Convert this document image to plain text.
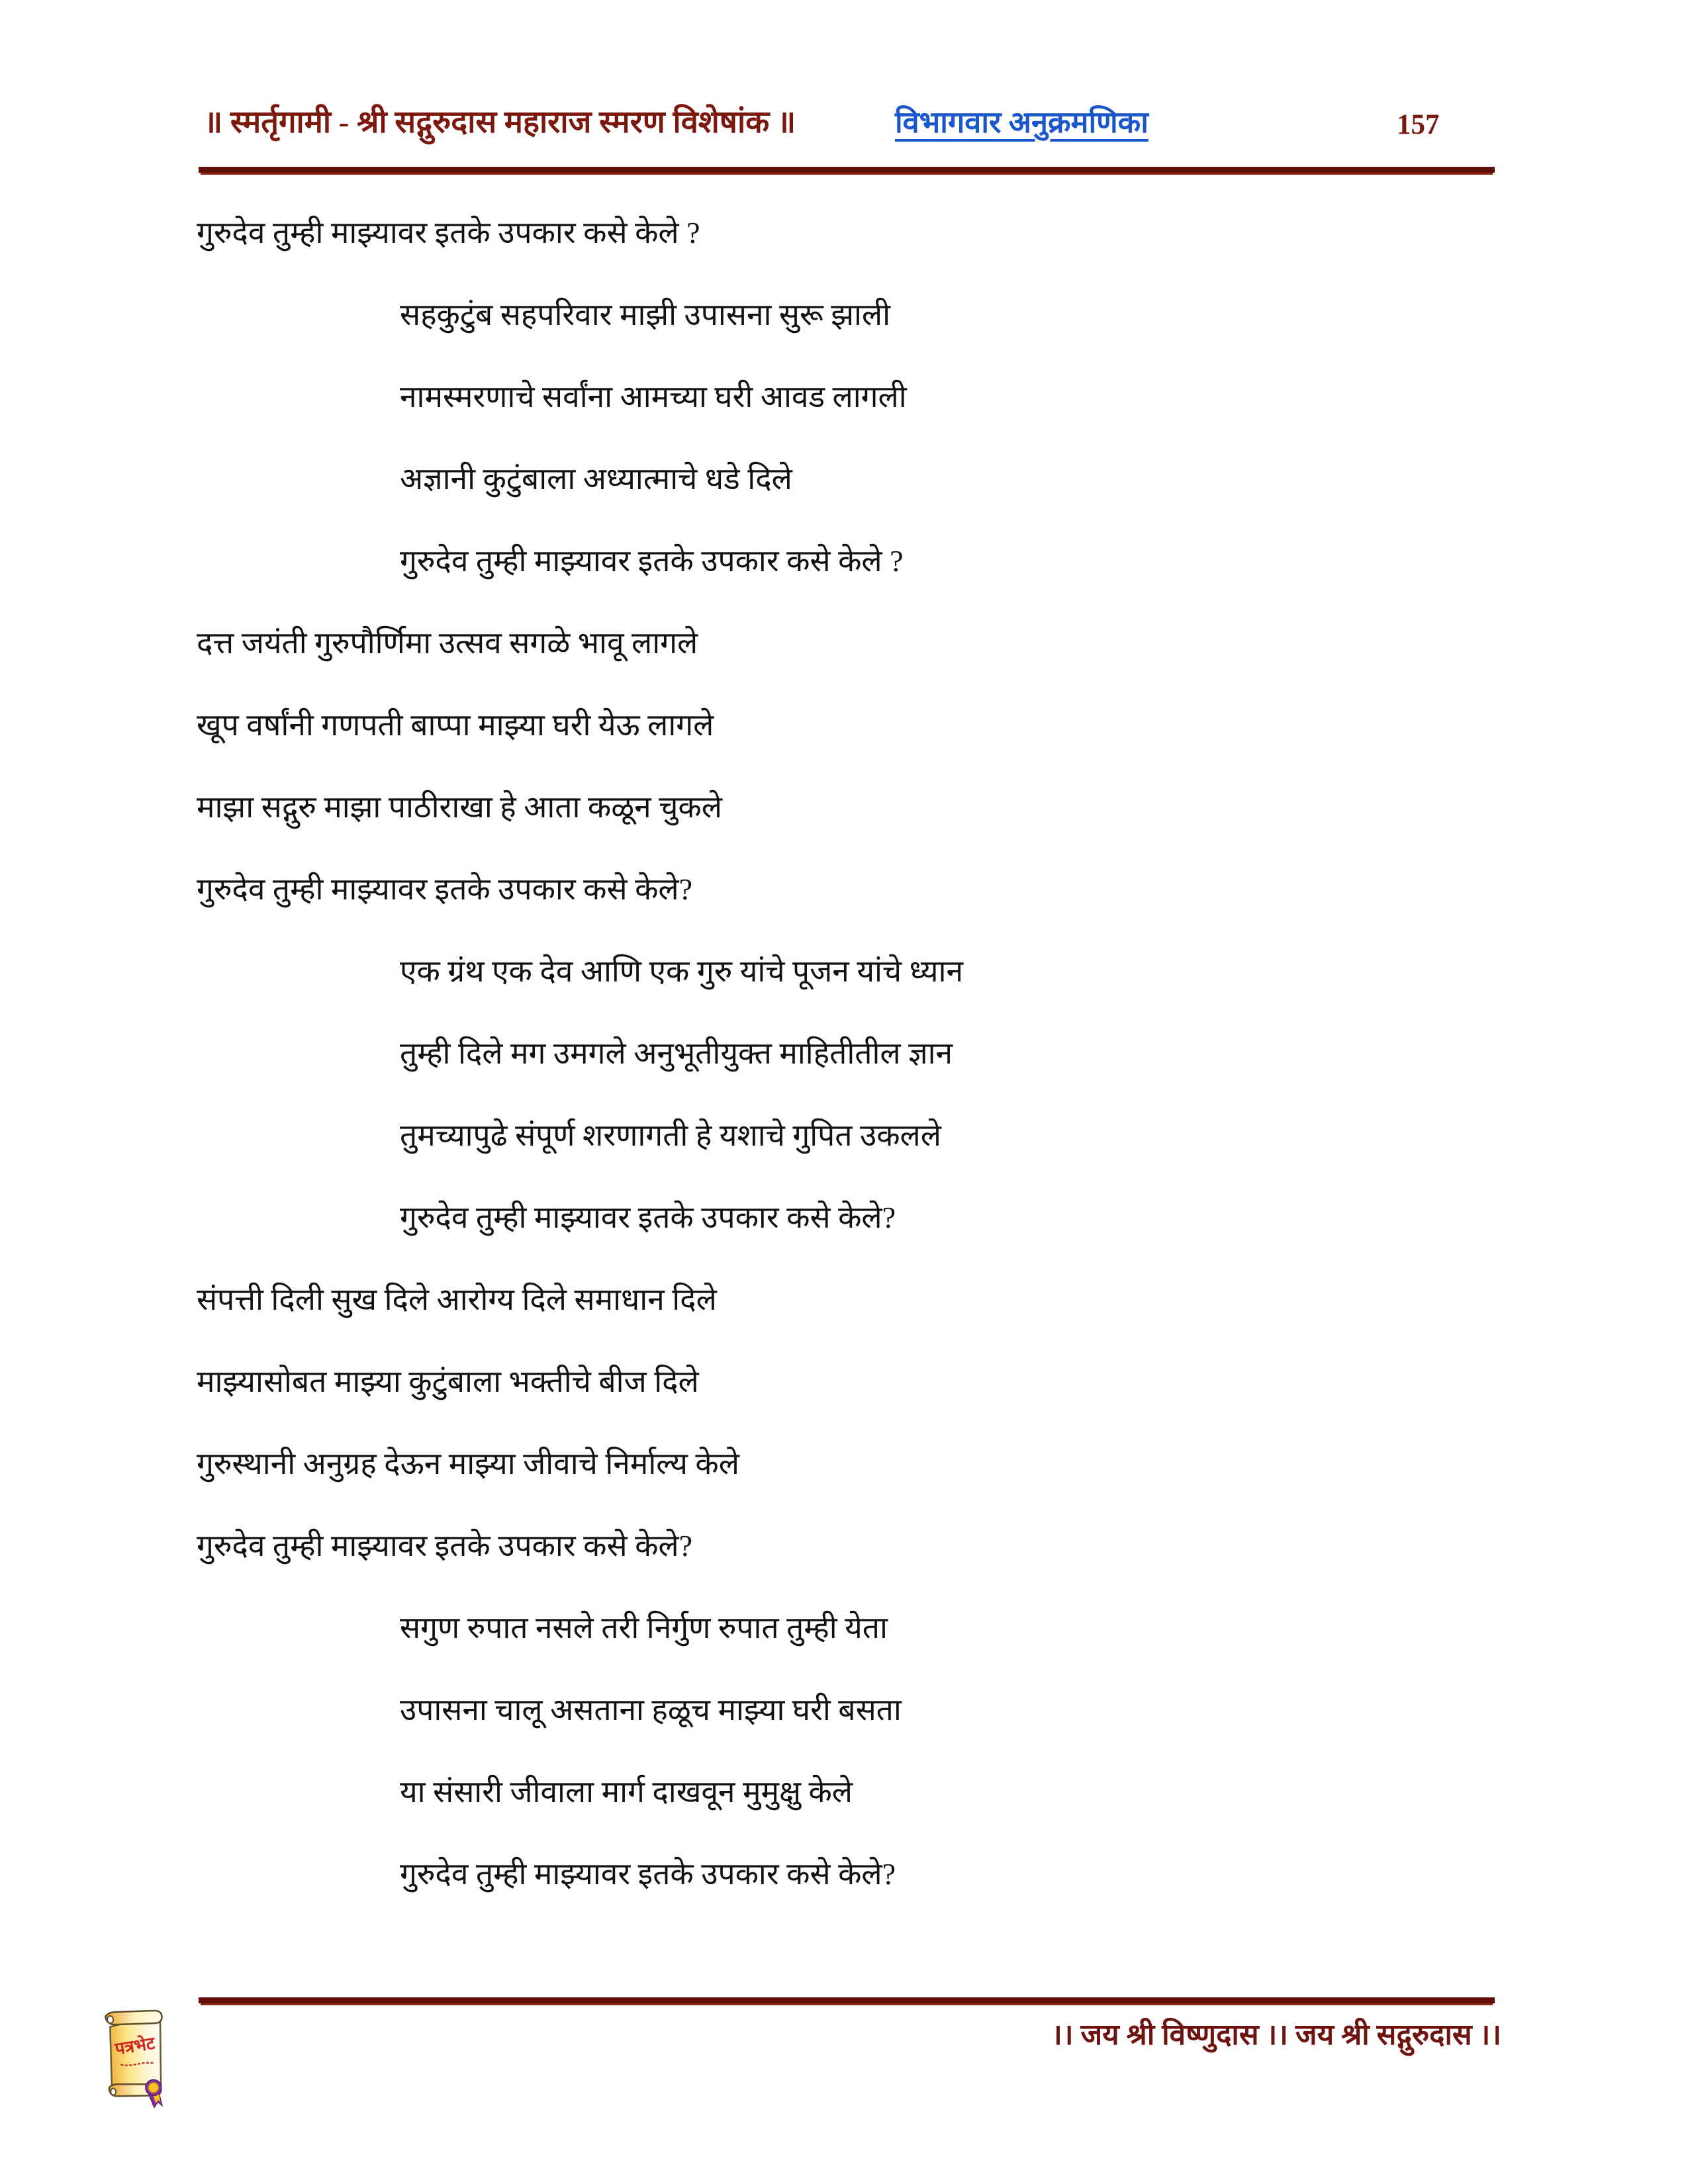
॥ स्मर्तृगामी - श्री सद्गुरुदास महाराज स्मरण विशेषांक ॥	विभागवार अनुक्रमणिका	157
गुरुदेव तुम्ही माझ्यावर इतके उपकार कसे केले ?
सहकुटुंब सहपरिवार माझी उपासना सुरू झाली
नामस्मरणाचे सर्वांना आमच्या घरी आवड लागली
अज्ञानी कुटुंबाला अध्यात्माचे धडे दिले
गुरुदेव तुम्ही माझ्यावर इतके उपकार कसे केले ?
दत्त जयंती गुरुपौर्णिमा उत्सव सगळे भावू लागले
खूप वर्षांनी गणपती बाप्पा माझ्या घरी येऊ लागले
माझा सद्गुरु माझा पाठीराखा हे आता कळून चुकले
गुरुदेव तुम्ही माझ्यावर इतके उपकार कसे केले?
एक ग्रंथ एक देव आणि एक गुरु यांचे पूजन यांचे ध्यान
तुम्ही दिले मग उमगले अनुभूतीयुक्त माहितीतील ज्ञान
तुमच्यापुढे संपूर्ण शरणागती हे यशाचे गुपित उकलले
गुरुदेव तुम्ही माझ्यावर इतके उपकार कसे केले?
संपत्ती दिली सुख दिले आरोग्य दिले समाधान दिले
माझ्यासोबत माझ्या कुटुंबाला भक्तीचे बीज दिले
गुरुस्थानी अनुग्रह देऊन माझ्या जीवाचे निर्माल्य केले
गुरुदेव तुम्ही माझ्यावर इतके उपकार कसे केले?
सगुण रुपात नसले तरी निर्गुण रुपात तुम्ही येता
उपासना चालू असताना हळूच माझ्या घरी बसता
या संसारी जीवाला मार्ग दाखवून मुमुक्षु केले
गुरुदेव तुम्ही माझ्यावर इतके उपकार कसे केले?
।। जय श्री विष्णुदास ।। जय श्री सद्गुरुदास ।।
पत्रभेट
